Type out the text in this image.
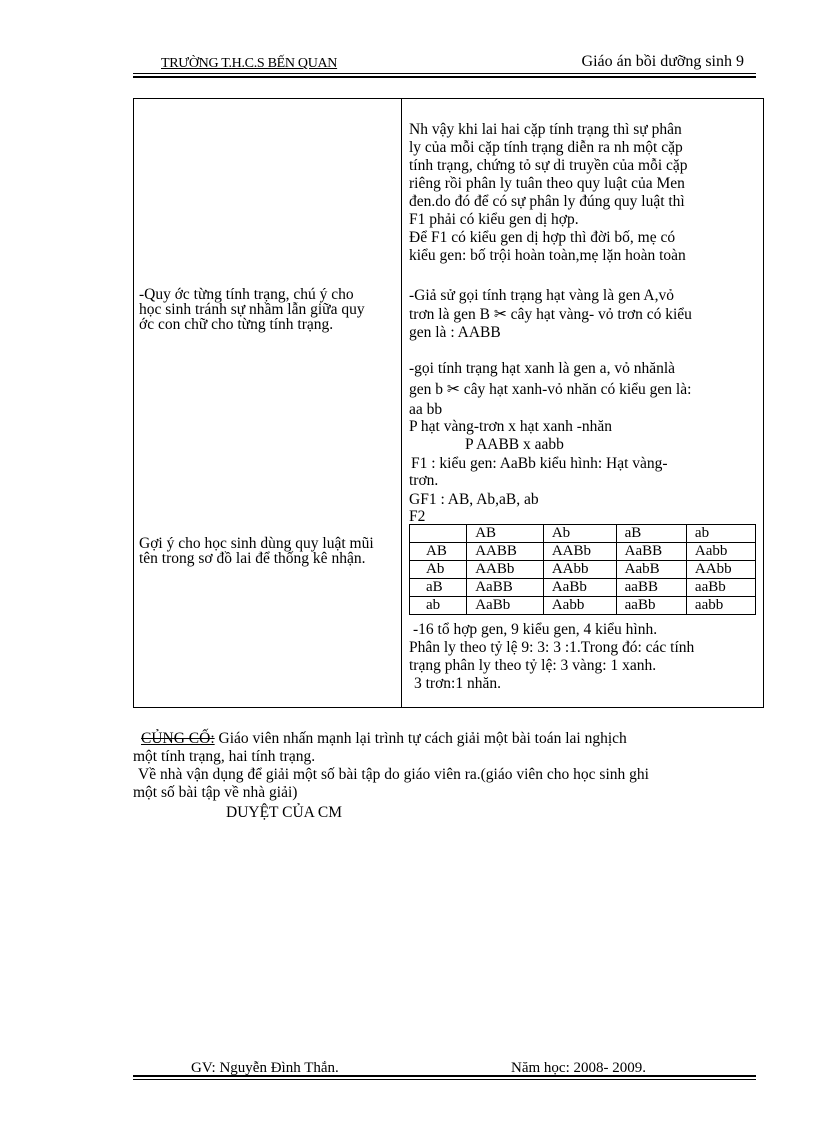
TRƯỜNG T.H.C.S BẾN QUAN	Giáo án bồi dưỡng sinh 9
Nh vậy khi lai hai cặp tính trạng thì sự phân
ly của mỗi cặp tính trạng diễn ra nh một cặp
tính trạng, chứng tỏ sự di truyền của mỗi cặp
riêng rồi phân ly tuân theo quy luật của Men
đen.do đó để có sự phân ly đúng quy luật thì
F1 phải có kiểu gen dị hợp.
Để F1 có kiểu gen dị hợp thì đời bố, mẹ có
kiểu gen: bố trội hoàn toàn,mẹ lặn hoàn toàn
-Quy ớc từng tính trạng, chú ý cho học sinh tránh sự nhầm lẫn giữa quy ớc con chữ cho từng tính trạng.
-Giả sử gọi tính trạng hạt vàng là gen A,vỏ
trơn là gen B ✂ cây hạt vàng- vỏ trơn có kiểu
gen là : AABB
-gọi tính trạng hạt xanh là gen a, vỏ nhănlà
gen b ✂ cây hạt xanh-vỏ nhăn có kiểu gen là:
aa bb
P hạt vàng-trơn x hạt xanh -nhăn
P AABB x aabb
F1 : kiểu gen: AaBb kiểu hình: Hạt vàng-
trơn.
GF1 : AB, Ab,aB, ab
F2
	AB	Ab	aB	ab
AB	AABB	AABb	AaBB	Aabb
Ab	AABb	AAbb	AabB	AAbb
aB	AaBB	AaBb	aaBB	aaBb
ab	AaBb	Aabb	aaBb	aabb
Gợi ý cho học sinh dùng quy luật mũi tên trong sơ đồ lai để thống kê nhận.
-16 tổ hợp gen, 9 kiểu gen, 4 kiểu hình.
Phân ly theo tỷ lệ 9: 3: 3 :1.Trong đó: các tính
trạng phân ly theo tỷ lệ: 3 vàng: 1 xanh.
3 trơn:1 nhăn.
CỦNG CỐ: Giáo viên nhấn mạnh lại trình tự cách giải một bài toán lai nghịch
một tính trạng, hai tính trạng.
Về nhà vận dụng để giải một số bài tập do giáo viên ra.(giáo viên cho học sinh ghi
một số bài tập về nhà giải)
DUYỆT CỦA CM
GV: Nguyễn Đình Thắn.	Năm học: 2008- 2009.
